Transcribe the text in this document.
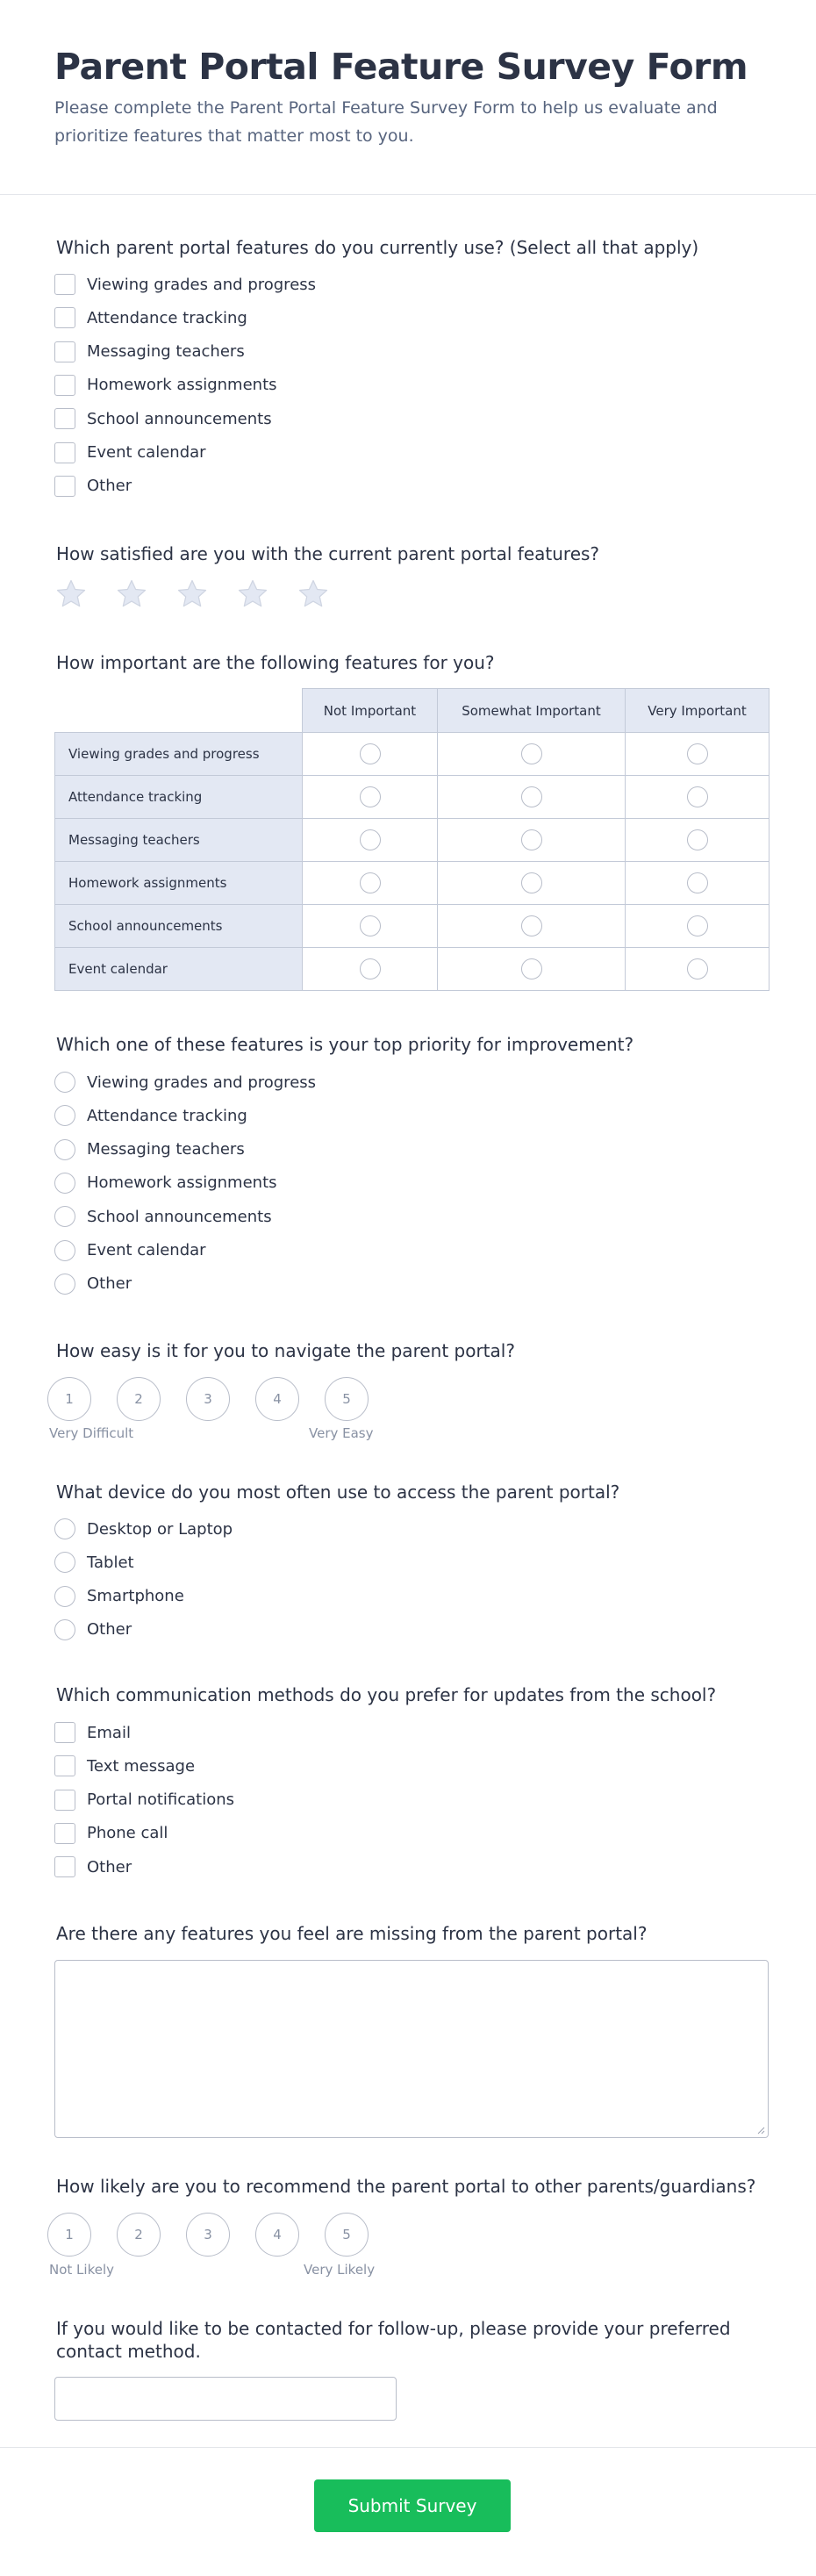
Parent Portal Feature Survey Form

Please complete the Parent Portal Feature Survey Form to help us evaluate and prioritize features that matter most to you.

Which parent portal features do you currently use? (Select all that apply)
Viewing grades and progress
Attendance tracking
Messaging teachers
Homework assignments
School announcements
Event calendar
Other
How satisfied are you with the current parent portal features?
How important are the following features for you?
	Not Important	Somewhat Important	Very Important
Viewing grades and progress			
Attendance tracking			
Messaging teachers			
Homework assignments			
School announcements			
Event calendar			
Which one of these features is your top priority for improvement?
Viewing grades and progress
Attendance tracking
Messaging teachers
Homework assignments
School announcements
Event calendar
Other
How easy is it for you to navigate the parent portal?
1	2	3	4	5
Very Difficult	Very Easy
What device do you most often use to access the parent portal?
Desktop or Laptop
Tablet
Smartphone
Other
Which communication methods do you prefer for updates from the school?
Email
Text message
Portal notifications
Phone call
Other
Are there any features you feel are missing from the parent portal?
How likely are you to recommend the parent portal to other parents/guardians?
1	2	3	4	5
Not Likely	Very Likely
If you would like to be contacted for follow-up, please provide your preferred contact method.
Submit Survey
